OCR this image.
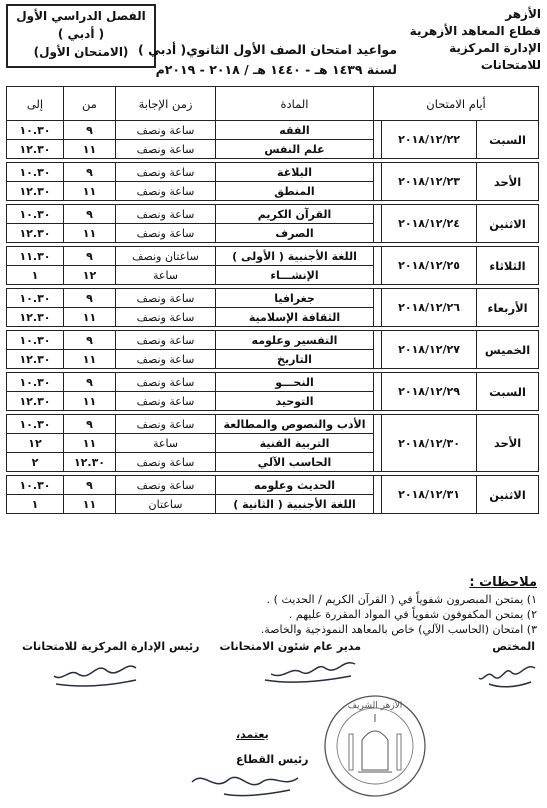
الأزهر
قطاع المعاهد الأزهرية
الإدارة المركزية للامتحانات
الفصل الدراسي الأول
( أدبي )
(الامتحان الأول) مواعيد امتحان الصف الأول الثانوي( أدبي )
لسنة ١٤٣٩ هـ - ١٤٤٠ هـ / ٢٠١٨ - ٢٠١٩م
أيام الامتحان			المادة	زمن الإجابة	من	إلى
السبت	٢٠١٨/١٢/٢٢		الفقه	ساعة ونصف	٩	١٠.٣٠
			علم النفس	ساعة ونصف	١١	١٢.٣٠

الأحد	٢٠١٨/١٢/٢٣		البلاغة	ساعة ونصف	٩	١٠.٣٠
			المنطق	ساعة ونصف	١١	١٢.٣٠

الاثنين	٢٠١٨/١٢/٢٤		القرآن الكريم	ساعة ونصف	٩	١٠.٣٠
			الصرف	ساعة ونصف	١١	١٢.٣٠

الثلاثاء	٢٠١٨/١٢/٢٥		اللغة الأجنبية ( الأولى )	ساعتان ونصف	٩	١١.٣٠
			الإنشـــاء	ساعة	١٢	١

الأربعاء	٢٠١٨/١٢/٢٦		جغرافيا	ساعة ونصف	٩	١٠.٣٠
			الثقافة الإسلامية	ساعة ونصف	١١	١٢.٣٠

الخميس	٢٠١٨/١٢/٢٧		التفسير وعلومه	ساعة ونصف	٩	١٠.٣٠
			التاريخ	ساعة ونصف	١١	١٢.٣٠

السبت	٢٠١٨/١٢/٢٩		النحـــو	ساعة ونصف	٩	١٠.٣٠
			التوحيد	ساعة ونصف	١١	١٢.٣٠

الأحد	٢٠١٨/١٢/٣٠		الأدب والنصوص والمطالعة	ساعة ونصف	٩	١٠.٣٠
			التربية الفنية	ساعة	١١	١٢
			الحاسب الآلي	ساعة ونصف	١٢.٣٠	٢

الاثنين	٢٠١٨/١٢/٣١		الحديث وعلومه	ساعة ونصف	٩	١٠.٣٠
			اللغة الأجنبية ( الثانية )	ساعتان	١١	١
ملاحظات :
١) يمتحن المبصرون شفوياً في ( القرآن الكريم / الحديث ) .
٢) يمتحن المكفوفون شفوياً في المواد المقررة عليهم .
٣) امتحان (الحاسب الآلي) خاص بالمعاهد النموذجية والخاصة.
المختص
مدير عام شئون الامتحانات
رئيس الإدارة المركزية للامتحانات
يعتمد،
رئيس القطاع
الأزهر الشريف
